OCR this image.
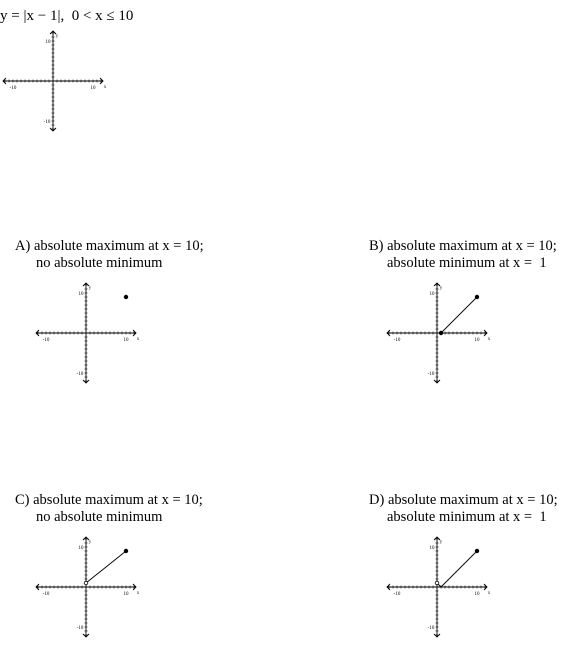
y = |x − 1|,  0 < x ≤ 10
-10	10
10
-10
x
y
A) absolute maximum at x = 10;
no absolute minimum
-10	10
10
-10
x
y
B) absolute maximum at x = 10;
absolute minimum at x =  1
-10	10
10
-10
x
y
C) absolute maximum at x = 10;
no absolute minimum
-10	10
10
-10
x
y
D) absolute maximum at x = 10;
absolute minimum at x =  1
-10	10
10
-10
x
y
